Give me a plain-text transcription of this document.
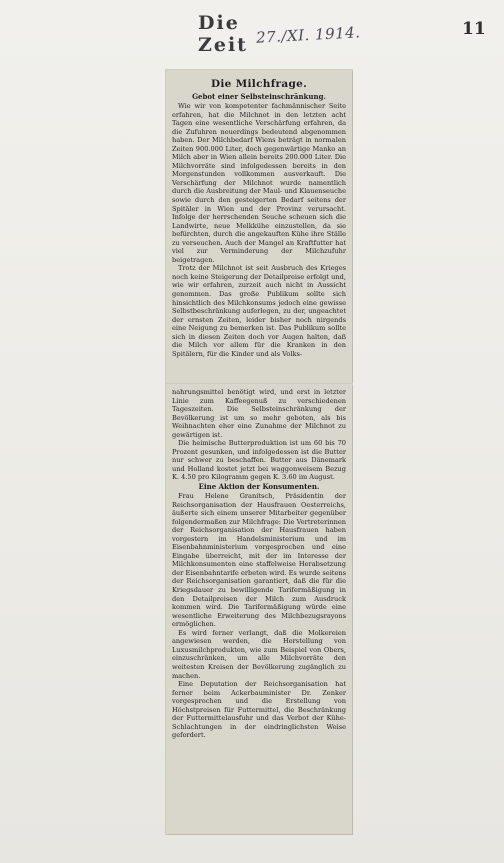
Die Zeit 27./XI. 1914.	11
Die Milchfrage.
Gebot einer Selbsteinschränkung.

Wie wir von kompetenter fachmännischer Seite erfahren, hat die Milchnot in den letzten acht Tagen eine wesentliche Verschärfung erfahren, da die Zufuhren neuerdings bedeutend abgenommen haben. Der Milchbedarf Wiens beträgt in normalen Zeiten 900.000 Liter, doch gegenwärtige Manko an Milch aber in Wien allein bereits 200.000 Liter. Die Milchvorräte sind infolgedessen bereits in den Morgenstunden vollkommen ausverkauft. Die Verschärfung der Milchnot wurde namentlich durch die Ausbreitung der Maul- und Klauenseuche sowie durch den gesteigerten Bedarf seitens der Spitäler in Wien und der Provinz verursacht. Infolge der herrschenden Seuche scheuen sich die Landwirte, neue Melkkühe einzustellen, da sie befürchten, durch die angekauften Kühe ihre Ställe zu verseuchen. Auch der Mangel an Kraftfutter hat viel zur Verminderung der Milchzufuhr beigetragen.

Trotz der Milchnot ist seit Ausbruch des Krieges noch keine Steigerung der Detailpreise erfolgt und, wie wir erfahren, zurzeit auch nicht in Aussicht genommen. Das große Publikum sollte sich hinsichtlich des Milchkonsums jedoch eine gewisse Selbstbeschränkung auferlegen, zu der, ungeachtet der ernsten Zeiten, leider bisher noch nirgends eine Neigung zu bemerken ist. Das Publikum sollte sich in diesen Zeiten doch vor Augen halten, daß die Milch vor allem für die Kranken in den Spitälern, für die Kinder und als Volks-

nahrungsmittel benötigt wird, und erst in letzter Linie zum Kaffeegenuß zu verschiedenen Tageszeiten. Die Selbsteinschränkung der Bevölkerung ist um so mehr geboten, als bis Weihnachten eher eine Zunahme der Milchnot zu gewärtigen ist.

Die heimische Butterproduktion ist um 60 bis 70 Prozent gesunken, und infolgedessen ist die Butter nur schwer zu beschaffen. Butter aus Dänemark und Holland kostet jetzt bei waggonweisem Bezug K. 4.50 pro Kilogramm gegen K. 3.60 im August.

Eine Aktion der Konsumenten.

Frau Helene Granitsch, Präsidentin der Reichsorganisation der Hausfrauen Oesterreichs, äußerte sich einem unserer Mitarbeiter gegenüber folgendermaßen zur Milchfrage: Die Vertreterinnen der Reichsorganisation der Hausfrauen haben vorgestern im Handelsministerium und im Eisenbahnministerium vorgesprochen und eine Eingabe überreicht, mit der im Interesse der Milchkonsumenten eine staffelweise Herabsetzung der Eisenbahntarife erbeten wird. Es wurde seitens der Reichsorganisation garantiert, daß die für die Kriegsdauer zu bewilligende Tarifermäßigung in den Detailpreisen der Milch zum Ausdruck kommen wird. Die Tarifermäßigung würde eine wesentliche Erweiterung des Milchbezugsrayons ermöglichen.

Es wird ferner verlangt, daß die Molkereien angewiesen werden, die Herstellung von Luxusmilchprodukten, wie zum Beispiel von Obers, einzuschränken, um alle Milchvorräte den weitesten Kreisen der Bevölkerung zugänglich zu machen.

Eine Deputation der Reichsorganisation hat ferner beim Ackerbauminister Dr. Zenker vorgesprochen und die Erstellung von Höchstpreisen für Futtermittel, die Beschränkung der Futtermittelausfuhr und das Verbot der Kühe-Schlachtungen in der eindringlichsten Weise gefordert.
